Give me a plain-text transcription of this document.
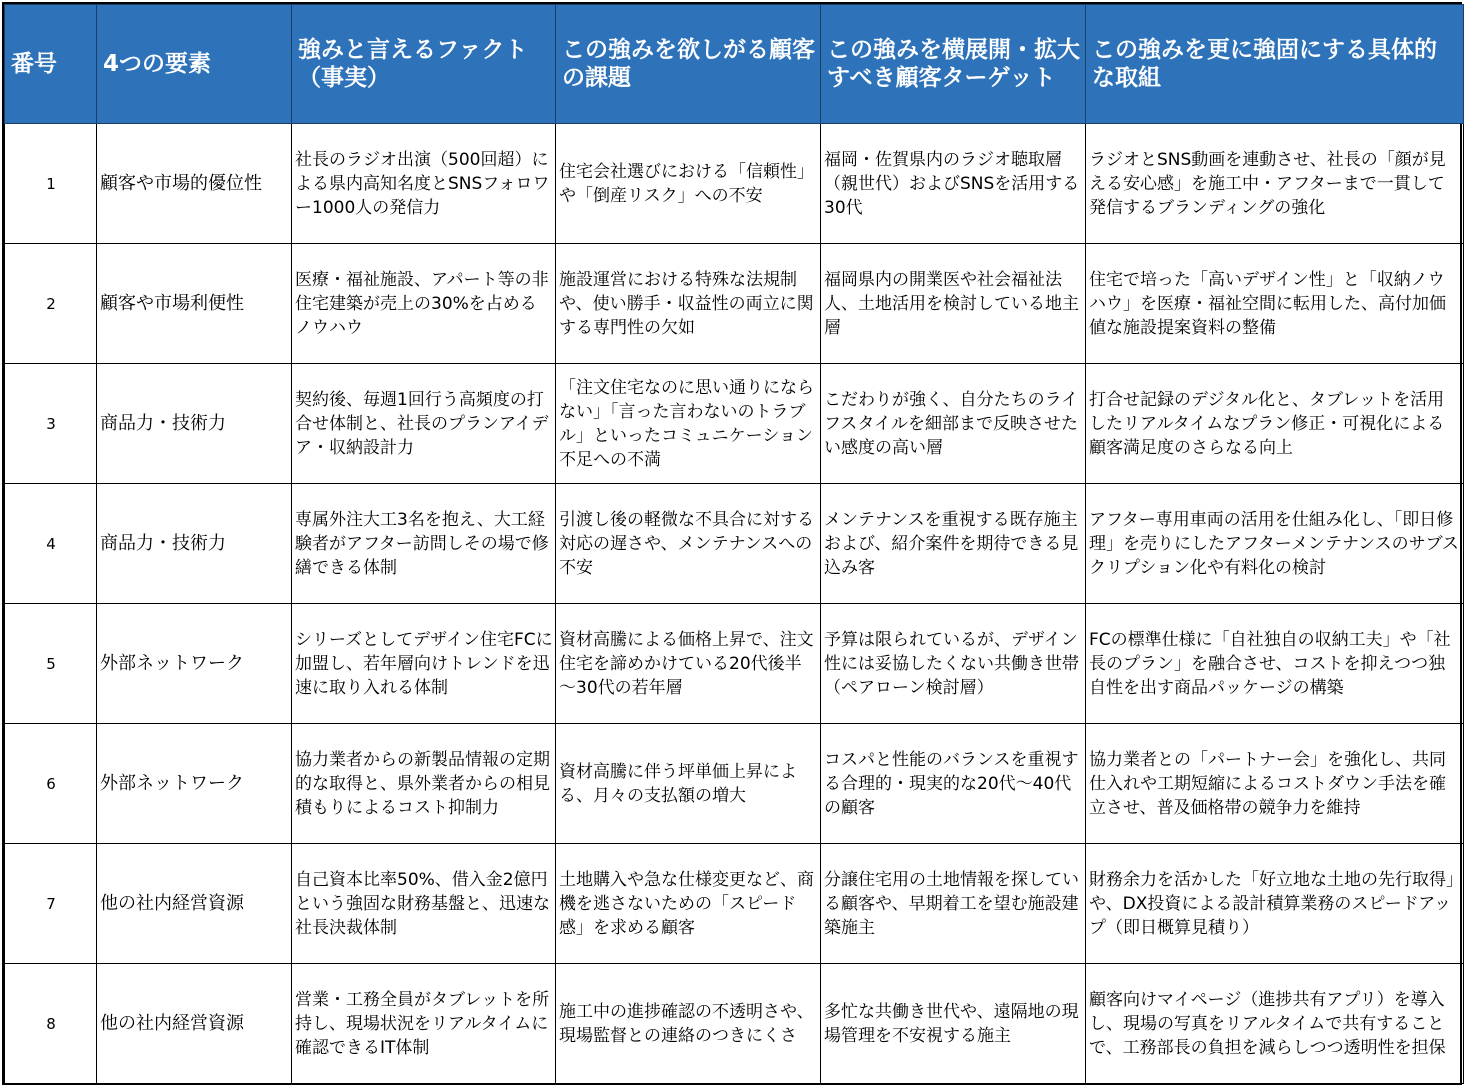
番号	4つの要素	強みと言えるファクト（事実）	この強みを欲しがる顧客の課題	この強みを横展開・拡大すべき顧客ターゲット	この強みを更に強固にする具体的な取組
1	顧客や市場的優位性	社長のラジオ出演（500回超）による県内高知名度とSNSフォロワー1000人の発信力	住宅会社選びにおける「信頼性」や「倒産リスク」への不安	福岡・佐賀県内のラジオ聴取層（親世代）およびSNSを活用する30代	ラジオとSNS動画を連動させ、社長の「顔が見える安心感」を施工中・アフターまで一貫して発信するブランディングの強化
2	顧客や市場利便性	医療・福祉施設、アパート等の非住宅建築が売上の30%を占めるノウハウ	施設運営における特殊な法規制や、使い勝手・収益性の両立に関する専門性の欠如	福岡県内の開業医や社会福祉法人、土地活用を検討している地主層	住宅で培った「高いデザイン性」と「収納ノウハウ」を医療・福祉空間に転用した、高付加価値な施設提案資料の整備
3	商品力・技術力	契約後、毎週1回行う高頻度の打合せ体制と、社長のプランアイデア・収納設計力	「注文住宅なのに思い通りにならない」「言った言わないのトラブル」といったコミュニケーション不足への不満	こだわりが強く、自分たちのライフスタイルを細部まで反映させたい感度の高い層	打合せ記録のデジタル化と、タブレットを活用したリアルタイムなプラン修正・可視化による顧客満足度のさらなる向上
4	商品力・技術力	専属外注大工3名を抱え、大工経験者がアフター訪問しその場で修繕できる体制	引渡し後の軽微な不具合に対する対応の遅さや、メンテナンスへの不安	メンテナンスを重視する既存施主および、紹介案件を期待できる見込み客	アフター専用車両の活用を仕組み化し、「即日修理」を売りにしたアフターメンテナンスのサブスクリプション化や有料化の検討
5	外部ネットワーク	シリーズとしてデザイン住宅FCに加盟し、若年層向けトレンドを迅速に取り入れる体制	資材高騰による価格上昇で、注文住宅を諦めかけている20代後半～30代の若年層	予算は限られているが、デザイン性には妥協したくない共働き世帯（ペアローン検討層）	FCの標準仕様に「自社独自の収納工夫」や「社長のプラン」を融合させ、コストを抑えつつ独自性を出す商品パッケージの構築
6	外部ネットワーク	協力業者からの新製品情報の定期的な取得と、県外業者からの相見積もりによるコスト抑制力	資材高騰に伴う坪単価上昇による、月々の支払額の増大	コスパと性能のバランスを重視する合理的・現実的な20代～40代の顧客	協力業者との「パートナー会」を強化し、共同仕入れや工期短縮によるコストダウン手法を確立させ、普及価格帯の競争力を維持
7	他の社内経営資源	自己資本比率50%、借入金2億円という強固な財務基盤と、迅速な社長決裁体制	土地購入や急な仕様変更など、商機を逃さないための「スピード感」を求める顧客	分譲住宅用の土地情報を探している顧客や、早期着工を望む施設建築施主	財務余力を活かした「好立地な土地の先行取得」や、DX投資による設計積算業務のスピードアップ（即日概算見積り）
8	他の社内経営資源	営業・工務全員がタブレットを所持し、現場状況をリアルタイムに確認できるIT体制	施工中の進捗確認の不透明さや、現場監督との連絡のつきにくさ	多忙な共働き世代や、遠隔地の現場管理を不安視する施主	顧客向けマイページ（進捗共有アプリ）を導入し、現場の写真をリアルタイムで共有することで、工務部長の負担を減らしつつ透明性を担保
